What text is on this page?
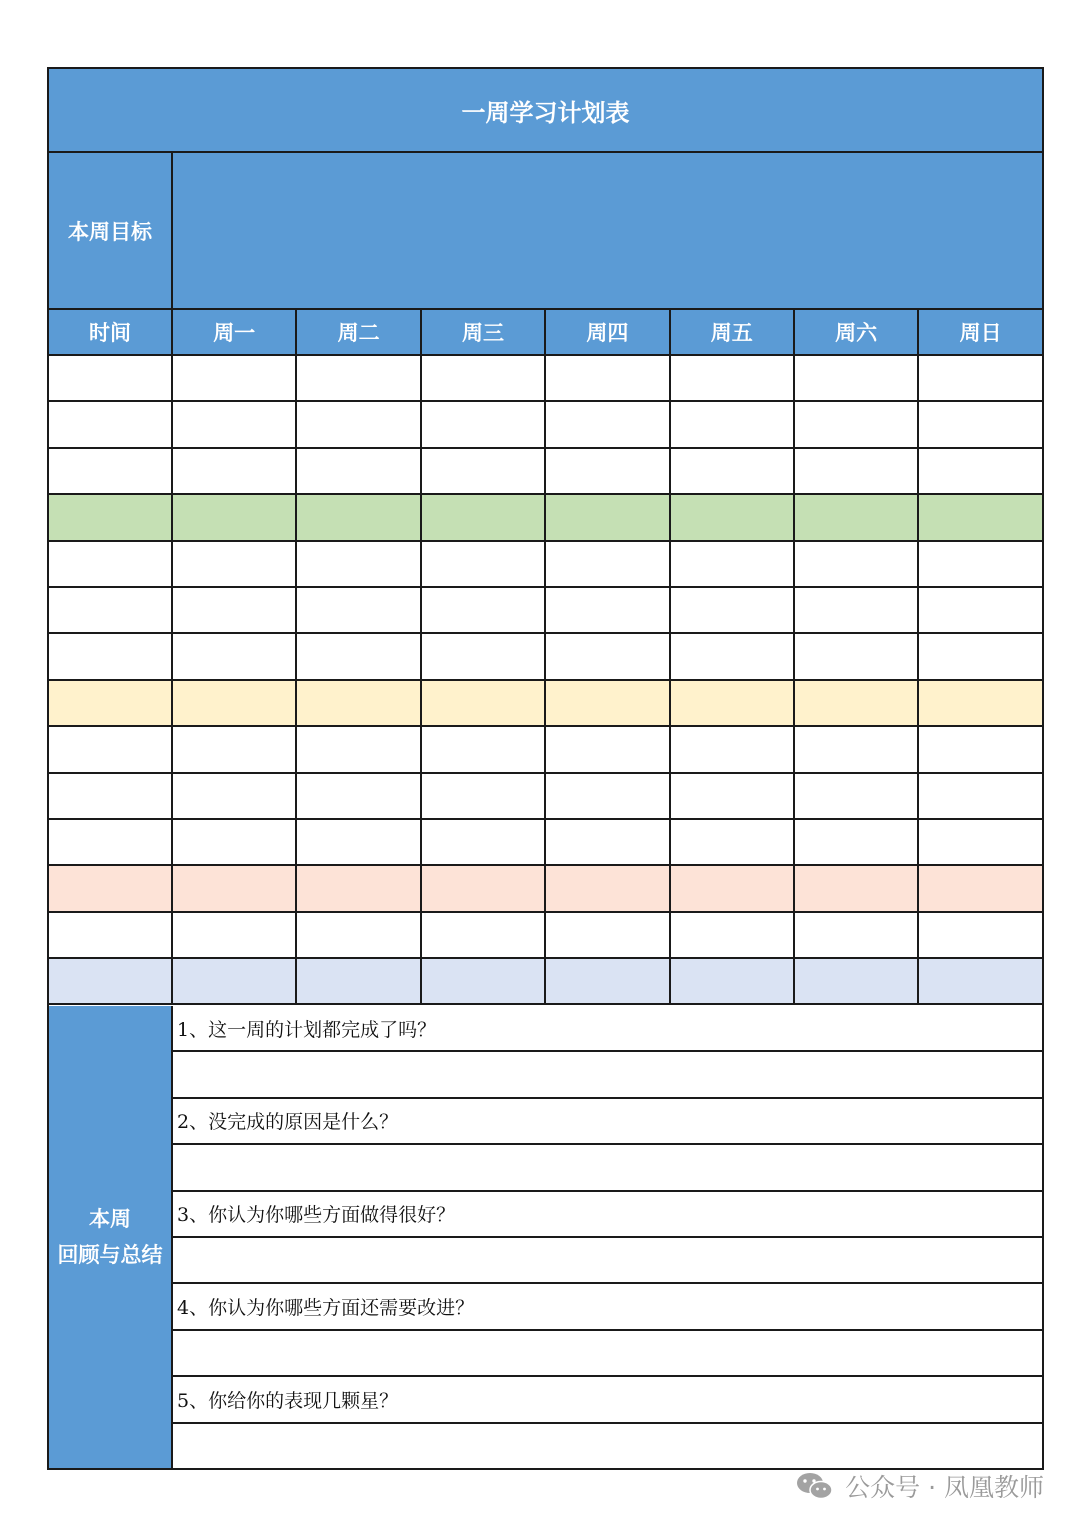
一周学习计划表
本周目标
时间	周一	周二	周三	周四	周五	周六	周日
本周
回顾与总结
1、这一周的计划都完成了吗？
2、没完成的原因是什么？
3、你认为你哪些方面做得很好？
4、你认为你哪些方面还需要改进？
5、你给你的表现几颗星？
公众号 · 凤凰教师
